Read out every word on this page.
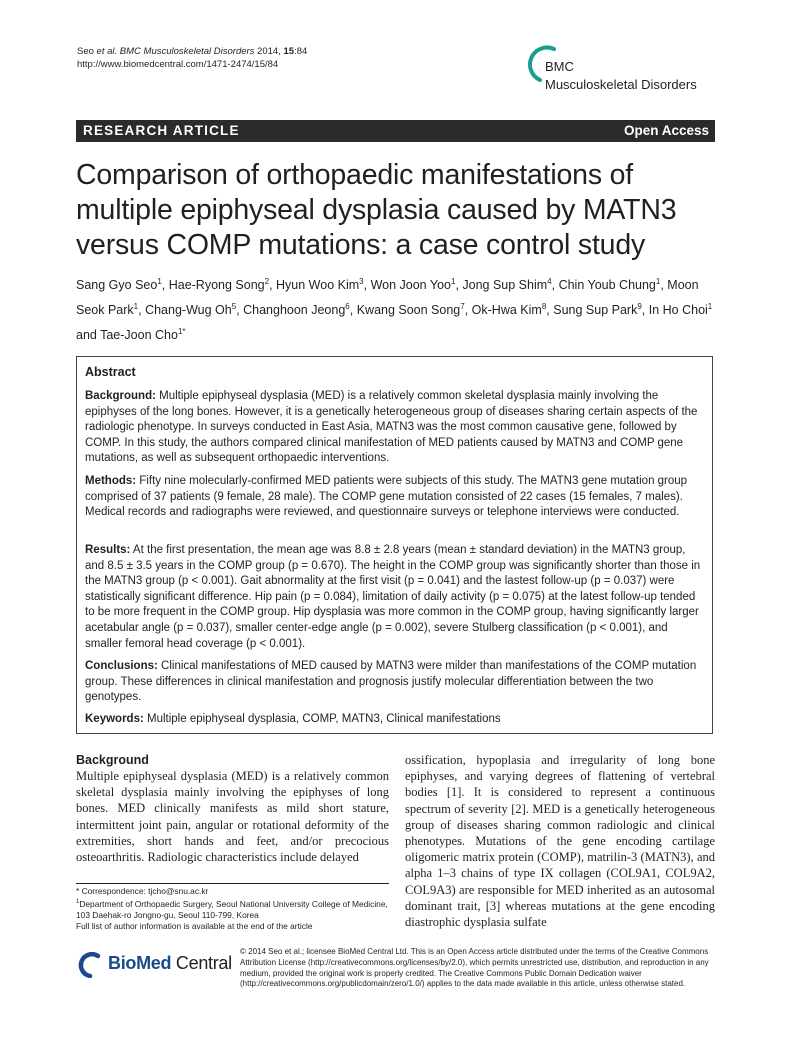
Seo et al. BMC Musculoskeletal Disorders 2014, 15:84
http://www.biomedcentral.com/1471-2474/15/84	BMC
Musculoskeletal Disorders
RESEARCH ARTICLE	Open Access
Comparison of orthopaedic manifestations of multiple epiphyseal dysplasia caused by MATN3 versus COMP mutations: a case control study
Sang Gyo Seo$^1$, Hae-Ryong Song$^2$, Hyun Woo Kim$^3$, Won Joon Yoo$^1$, Jong Sup Shim$^4$, Chin Youb Chung$^1$, Moon Seok Park$^1$, Chang-Wug Oh$^5$, Changhoon Jeong$^6$, Kwang Soon Song$^7$, Ok-Hwa Kim$^8$, Sung Sup Park$^9$, In Ho Choi$^1$ and Tae-Joon Cho$^{1*}$
Abstract
Background: Multiple epiphyseal dysplasia (MED) is a relatively common skeletal dysplasia mainly involving the epiphyses of the long bones. However, it is a genetically heterogeneous group of diseases sharing certain aspects of the radiologic phenotype. In surveys conducted in East Asia, MATN3 was the most common causative gene, followed by COMP. In this study, the authors compared clinical manifestation of MED patients caused by MATN3 and COMP gene mutations, as well as subsequent orthopaedic interventions.
Methods: Fifty nine molecularly-confirmed MED patients were subjects of this study. The MATN3 gene mutation group comprised of 37 patients (9 female, 28 male). The COMP gene mutation consisted of 22 cases (15 females, 7 males). Medical records and radiographs were reviewed, and questionnaire surveys or telephone interviews were conducted.
Results: At the first presentation, the mean age was 8.8 ± 2.8 years (mean ± standard deviation) in the MATN3 group, and 8.5 ± 3.5 years in the COMP group (p = 0.670). The height in the COMP group was significantly shorter than those in the MATN3 group (p < 0.001). Gait abnormality at the first visit (p = 0.041) and the lastest follow-up (p = 0.037) were statistically significant difference. Hip pain (p = 0.084), limitation of daily activity (p = 0.075) at the latest follow-up tended to be more frequent in the COMP group. Hip dysplasia was more common in the COMP group, having significantly larger acetabular angle (p = 0.037), smaller center-edge angle (p = 0.002), severe Stulberg classification (p < 0.001), and smaller femoral head coverage (p < 0.001).
Conclusions: Clinical manifestations of MED caused by MATN3 were milder than manifestations of the COMP mutation group. These differences in clinical manifestation and prognosis justify molecular differentiation between the two genotypes.
Keywords: Multiple epiphyseal dysplasia, COMP, MATN3, Clinical manifestations
Background
Multiple epiphyseal dysplasia (MED) is a relatively common skeletal dysplasia mainly involving the epiphyses of long bones. MED clinically manifests as mild short stature, intermittent joint pain, angular or rotational deformity of the extremities, short hands and feet, and/or precocious osteoarthritis. Radiologic characteristics include delayed
ossification, hypoplasia and irregularity of long bone epiphyses, and varying degrees of flattening of vertebral bodies [1]. It is considered to represent a continuous spectrum of severity [2]. MED is a genetically heterogeneous group of diseases sharing common radiologic and clinical phenotypes. Mutations of the gene encoding cartilage oligomeric matrix protein (COMP), matrilin-3 (MATN3), and alpha 1–3 chains of type IX collagen (COL9A1, COL9A2, COL9A3) are responsible for MED inherited as an autosomal dominant trait, [3] whereas mutations at the gene encoding diastrophic dysplasia sulfate
* Correspondence: tjcho@snu.ac.kr
$^1$Department of Orthopaedic Surgery, Seoul National University College of Medicine, 103 Daehak-ro Jongno-gu, Seoul 110-799, Korea
Full list of author information is available at the end of the article
BioMed Central
© 2014 Seo et al.; licensee BioMed Central Ltd. This is an Open Access article distributed under the terms of the Creative Commons Attribution License (http://creativecommons.org/licenses/by/2.0), which permits unrestricted use, distribution, and reproduction in any medium, provided the original work is properly credited. The Creative Commons Public Domain Dedication waiver (http://creativecommons.org/publicdomain/zero/1.0/) applies to the data made available in this article, unless otherwise stated.
